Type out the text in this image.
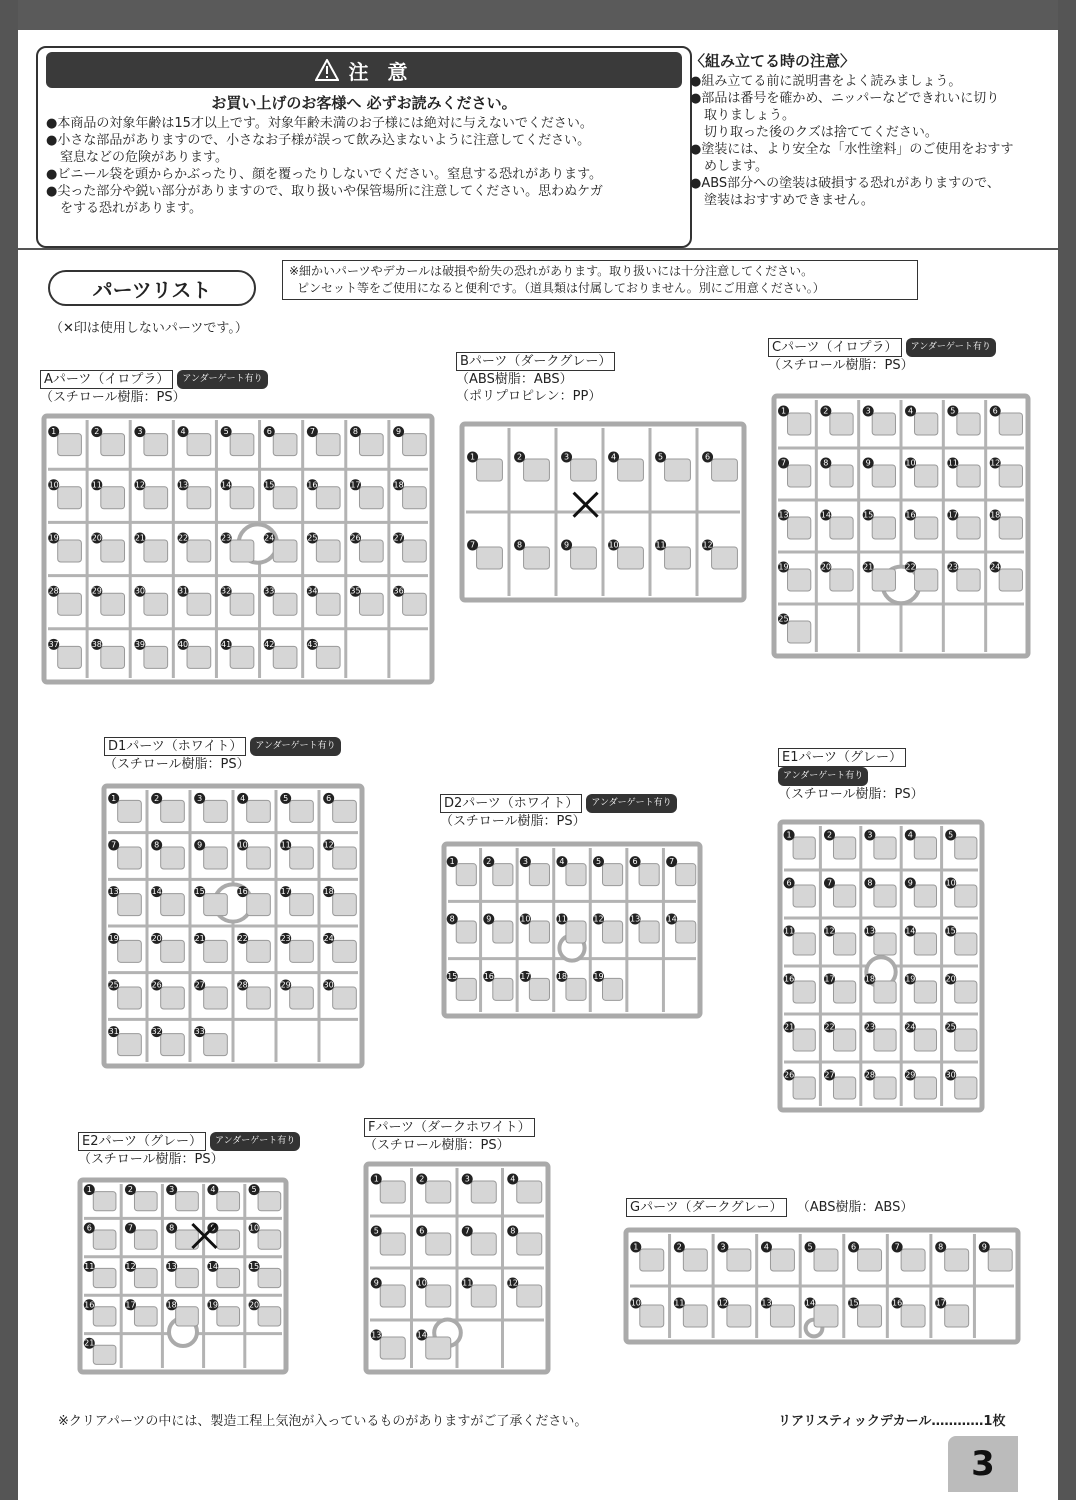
注 意
お買い上げのお客様へ 必ずお読みください。
●本商品の対象年齢は15才以上です。対象年齢未満のお子様には絶対に与えないでください。
●小さな部品がありますので、小さなお子様が誤って飲み込まないように注意してください。
窒息などの危険があります。
●ビニール袋を頭からかぶったり、顔を覆ったりしないでください。窒息する恐れがあります。
●尖った部分や鋭い部分がありますので、取り扱いや保管場所に注意してください。思わぬケガ
をする恐れがあります。
〈組み立てる時の注意〉
●組み立てる前に説明書をよく読みましょう。
●部品は番号を確かめ、ニッパーなどできれいに切り
取りましょう。
切り取った後のクズは捨ててください。
●塗装には、より安全な「水性塗料」のご使用をおすす
めします。
●ABS部分への塗装は破損する恐れがありますので、
塗装はおすすめできません。
パーツリスト
※細かいパーツやデカールは破損や紛失の恐れがあります。取り扱いには十分注意してください。
ピンセット等をご使用になると便利です。（道具類は付属しておりません。別にご用意ください。）
（✕印は使用しないパーツです。）
Aパーツ（イロプラ） アンダーゲート有り
（スチロール樹脂：PS）
1	2	3	4	5	6	7	8	9
10	11	12	13	14	15	16	17	18
19	20	21	22	23	24	25	26	27
28	29	30	31	32	33	34	35	36
37	38	39	40	41	42	43
Bパーツ（ダークグレー）
（ABS樹脂：ABS）
（ポリプロピレン：PP）
1	2	3	4	5	6
7	8	9	10	11	12
Cパーツ（イロプラ） アンダーゲート有り
（スチロール樹脂：PS）
1	2	3	4	5	6
7	8	9	10	11	12
13	14	15	16	17	18
19	20	21	22	23	24
25
D1パーツ（ホワイト） アンダーゲート有り
（スチロール樹脂：PS）
1	2	3	4	5	6
7	8	9	10	11	12
13	14	15	16	17	18
19	20	21	22	23	24
25	26	27	28	29	30
31	32	33
D2パーツ（ホワイト） アンダーゲート有り
（スチロール樹脂：PS）
1	2	3	4	5	6	7
8	9	10	11	12	13	14
15	16	17	18	19
E1パーツ（グレー）
アンダーゲート有り
（スチロール樹脂：PS）
1	2	3	4	5
6	7	8	9	10
11	12	13	14	15
16	17	18	19	20
21	22	23	24	25
26	27	28	29	30
E2パーツ（グレー） アンダーゲート有り
（スチロール樹脂：PS）
1	2	3	4	5
6	7	8	10
11	12	13	14	15
16	17	18	19	20
21
Fパーツ（ダークホワイト）
（スチロール樹脂：PS）
1	2	3	4
5	6	7	8
9	10	11	12
13	14
Gパーツ（ダークグレー） （ABS樹脂：ABS）
1	2	3	4	5	6	7	8	9
10	11	12	13	14	15	16	17
※クリアパーツの中には、製造工程上気泡が入っているものがありますがご了承ください。	リアリスティックデカール…………1枚
3
